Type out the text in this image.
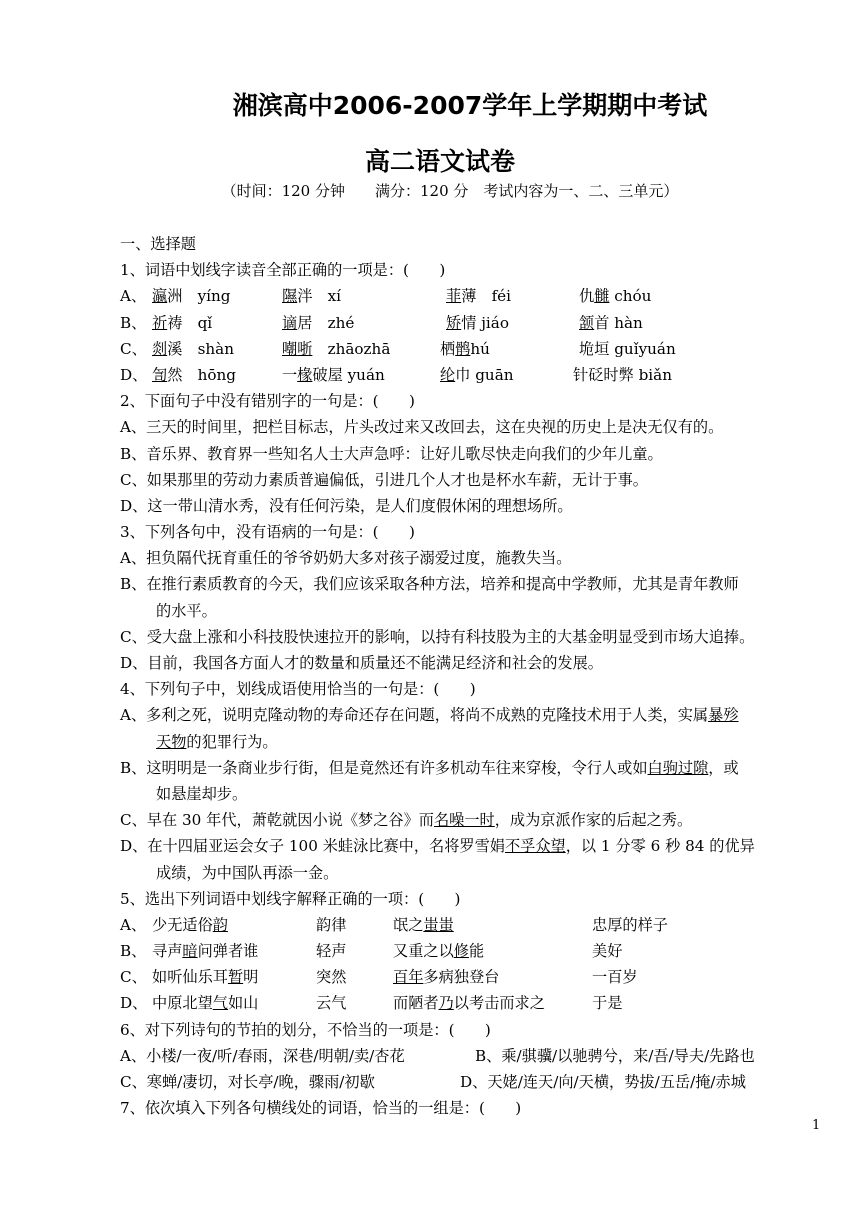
湘滨高中2006-2007学年上学期期中考试
高二语文试卷
（时间：120 分钟　　满分：120 分　考试内容为一、二、三单元）
一、选择题
1、词语中划线字读音全部正确的一项是：(　　)
A、 瀛洲　yíng	隰泮　xí	菲薄　féi	仇雠 chóu
B、 祈祷　qǐ	谪居　zhé	矫情 jiáo	颔首 hàn
C、 剡溪　shàn	嘲哳　 zhāozhā	栖鹘hú	垝垣 guǐyuán
D、 訇然　hōng	一椽破屋 yuán	纶巾 guān	针砭时弊 biǎn
2、下面句子中没有错别字的一句是：(　　)
A、三天的时间里，把栏目标志，片头改过来又改回去，这在央视的历史上是决无仅有的。
B、音乐界、教育界一些知名人士大声急呼：让好儿歌尽快走向我们的少年儿童。
C、如果那里的劳动力素质普遍偏低，引进几个人才也是杯水车薪，无计于事。
D、这一带山清水秀，没有任何污染，是人们度假休闲的理想场所。
3、下列各句中，没有语病的一句是：(　　)
A、担负隔代抚育重任的爷爷奶奶大多对孩子溺爱过度，施教失当。
B、在推行素质教育的今天，我们应该采取各种方法，培养和提高中学教师，尤其是青年教师
的水平。
C、受大盘上涨和小科技股快速拉开的影响，以持有科技股为主的大基金明显受到市场大追捧。
D、目前，我国各方面人才的数量和质量还不能满足经济和社会的发展。
4、下列句子中，划线成语使用恰当的一句是：(　　)
A、多利之死，说明克隆动物的寿命还存在问题，将尚不成熟的克隆技术用于人类，实属暴殄
天物的犯罪行为。
B、这明明是一条商业步行街，但是竟然还有许多机动车往来穿梭，令行人或如白驹过隙，或
如悬崖却步。
C、早在 30 年代，萧乾就因小说《梦之谷》而名噪一时，成为京派作家的后起之秀。
D、在十四届亚运会女子 100 米蛙泳比赛中，名将罗雪娟不孚众望，以 1 分零 6 秒 84 的优异
成绩，为中国队再添一金。
5、选出下列词语中划线字解释正确的一项：(　　)
A、 少无适俗韵	韵律	氓之蚩蚩	忠厚的样子
B、 寻声暗问弹者谁	轻声	又重之以修能	美好
C、 如听仙乐耳暂明	突然	百年多病独登台	一百岁
D、 中原北望气如山	云气	而陋者乃以考击而求之	于是
6、对下列诗句的节拍的划分，不恰当的一项是：(　　)
A、小楼/一夜/听/春雨，深巷/明朝/卖/杏花	B、乘/骐骥/以驰骋兮，来/吾/导夫/先路也
C、寒蝉/凄切，对长亭/晚，骤雨/初歇	D、天姥/连天/向/天横，势拔/五岳/掩/赤城
7、依次填入下列各句横线处的词语，恰当的一组是：(　　)
1
